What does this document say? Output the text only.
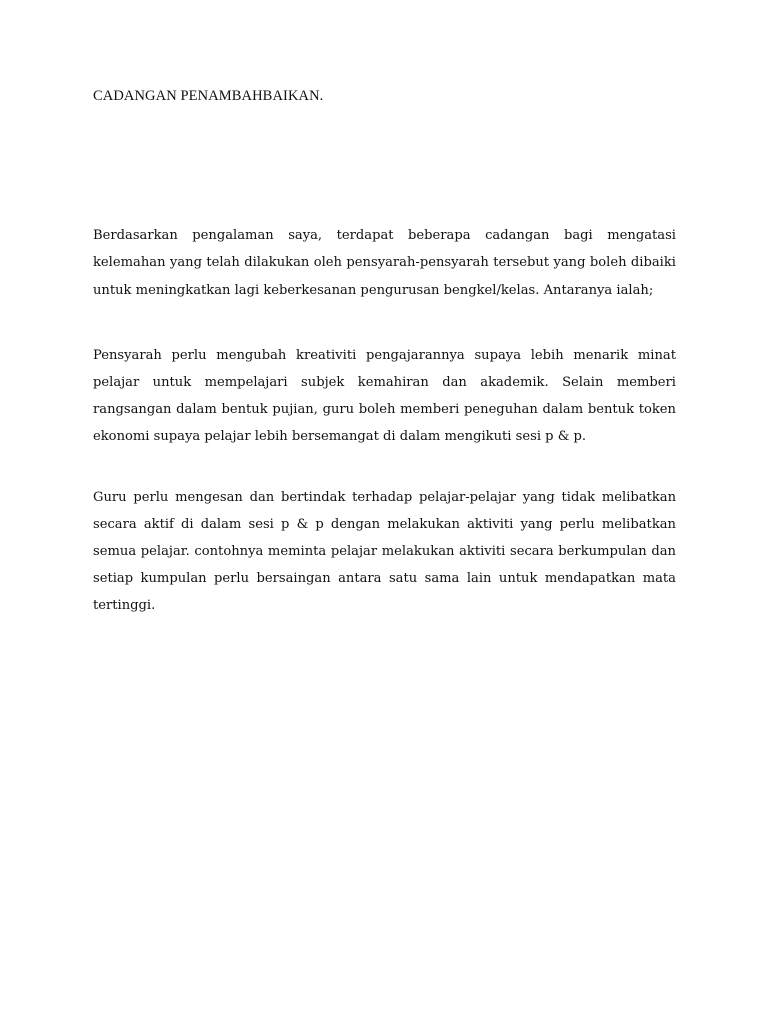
CADANGAN PENAMBAHBAIKAN.

Berdasarkan pengalaman saya, terdapat beberapa cadangan bagi mengatasi kelemahan yang telah dilakukan oleh pensyarah-pensyarah tersebut yang boleh dibaiki untuk meningkatkan lagi keberkesanan pengurusan bengkel/kelas. Antaranya ialah;

Pensyarah perlu mengubah kreativiti pengajarannya supaya lebih menarik minat pelajar untuk mempelajari subjek kemahiran dan akademik. Selain memberi rangsangan dalam bentuk pujian, guru boleh memberi peneguhan dalam bentuk token ekonomi supaya pelajar lebih bersemangat di dalam mengikuti sesi p & p.

Guru perlu mengesan dan bertindak terhadap pelajar-pelajar yang tidak melibatkan secara aktif di dalam sesi p & p dengan melakukan aktiviti yang perlu melibatkan semua pelajar. contohnya meminta pelajar melakukan aktiviti secara berkumpulan dan setiap kumpulan perlu bersaingan antara satu sama lain untuk mendapatkan mata tertinggi.
